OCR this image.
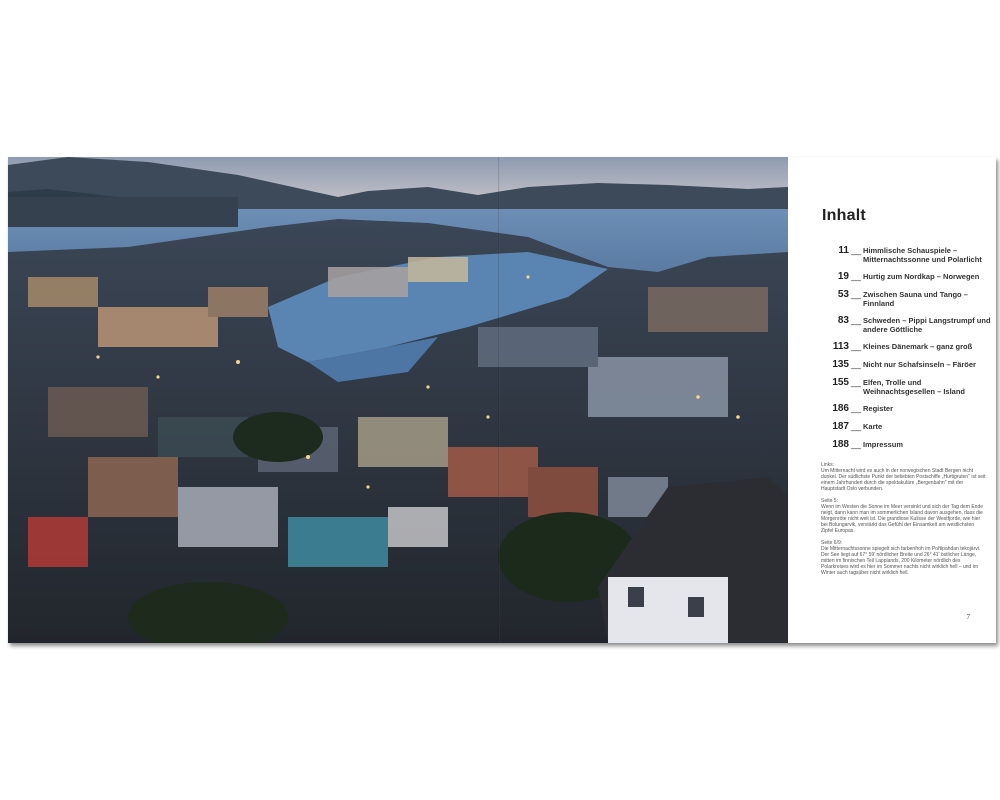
Inhalt
11 __ Himmlische Schauspiele – Mitternachtssonne und Polarlicht
19 __ Hurtig zum Nordkap – Norwegen
53 __ Zwischen Sauna und Tango – Finnland
83 __ Schweden – Pippi Langstrumpf und andere Göttliche
113 __ Kleines Dänemark – ganz groß
135 __ Nicht nur Schafsinseln – Färöer
155 __ Elfen, Trolle und Weihnachtsgesellen – Island
186 __ Register
187 __ Karte
188 __ Impressum
Links:
Um Mitternacht wird es auch in der norwegischen Stadt Bergen nicht dunkel. Der südlichste Punkt der beliebten Postschiffe „Hurtigruten" ist seit einem Jahrhundert durch die spektakuläre „Bergenbahn" mit der Hauptstadt Oslo verbunden.
Seite 5:
Wenn im Westen die Sonne im Meer versinkt und sich der Tag dem Ende neigt, dann kann man im sommerlichen Island davon ausgehen, dass die Morgenröte nicht weit ist. Die grandiose Kulisse der Westfjorde, wie hier bei Bolungarvik, verstärkt das Gefühl der Einsamkeit am westlichsten Zipfel Europas.
Seite 6/9:
Die Mitternachtssonne spiegelt sich farbenfroh im Pořtipahdan tekojärvi. Der See liegt auf 67° 59' nördlicher Breite und 26° 41' östlicher Länge, mitten im finnischen Teil Lapplands, 200 Kilometer nördlich des Polarkreises wird es hier im Sommer nachts nicht wirklich hell – und im Winter auch tagsüber nicht wirklich hell.
7
